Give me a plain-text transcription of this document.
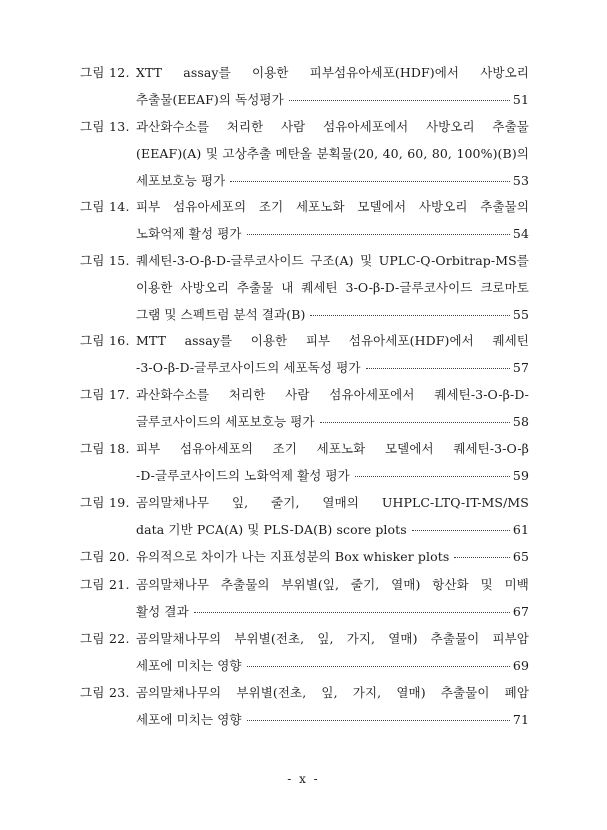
그림 12. XTT assay를 이용한 피부섬유아세포(HDF)에서 사방오리
추출물(EEAF)의 독성평가	51
그림 13. 과산화수소를 처리한 사람 섬유아세포에서 사방오리 추출물
(EEAF)(A) 및 고상추출 메탄올 분획물(20, 40, 60, 80, 100%)(B)의
세포보호능 평가	53
그림 14. 피부 섬유아세포의 조기 세포노화 모델에서 사방오리 추출물의
노화억제 활성 평가	54
그림 15. 퀘세틴-3-O-β-D-글루코사이드 구조(A) 및 UPLC-Q-Orbitrap-MS를
이용한 사방오리 추출물 내 퀘세틴 3-O-β-D-글루코사이드 크로마토
그램 및 스펙트럼 분석 결과(B)	55
그림 16. MTT assay를 이용한 피부 섬유아세포(HDF)에서 퀘세틴
-3-O-β-D-글루코사이드의 세포독성 평가	57
그림 17. 과산화수소를 처리한 사람 섬유아세포에서 퀘세틴-3-O-β-D-
글루코사이드의 세포보호능 평가	58
그림 18. 피부 섬유아세포의 조기 세포노화 모델에서 퀘세틴-3-O-β
-D-글루코사이드의 노화억제 활성 평가	59
그림 19. 곰의말채나무 잎, 줄기, 열매의 UHPLC-LTQ-IT-MS/MS
data 기반 PCA(A) 및 PLS-DA(B) score plots	61
그림 20. 유의적으로 차이가 나는 지표성분의 Box whisker plots	65
그림 21. 곰의말채나무 추출물의 부위별(잎, 줄기, 열매) 항산화 및 미백
활성 결과	67
그림 22. 곰의말채나무의 부위별(전초, 잎, 가지, 열매) 추출물이 피부암
세포에 미치는 영향	69
그림 23. 곰의말채나무의 부위별(전초, 잎, 가지, 열매) 추출물이 폐암
세포에 미치는 영향	71
- x -
